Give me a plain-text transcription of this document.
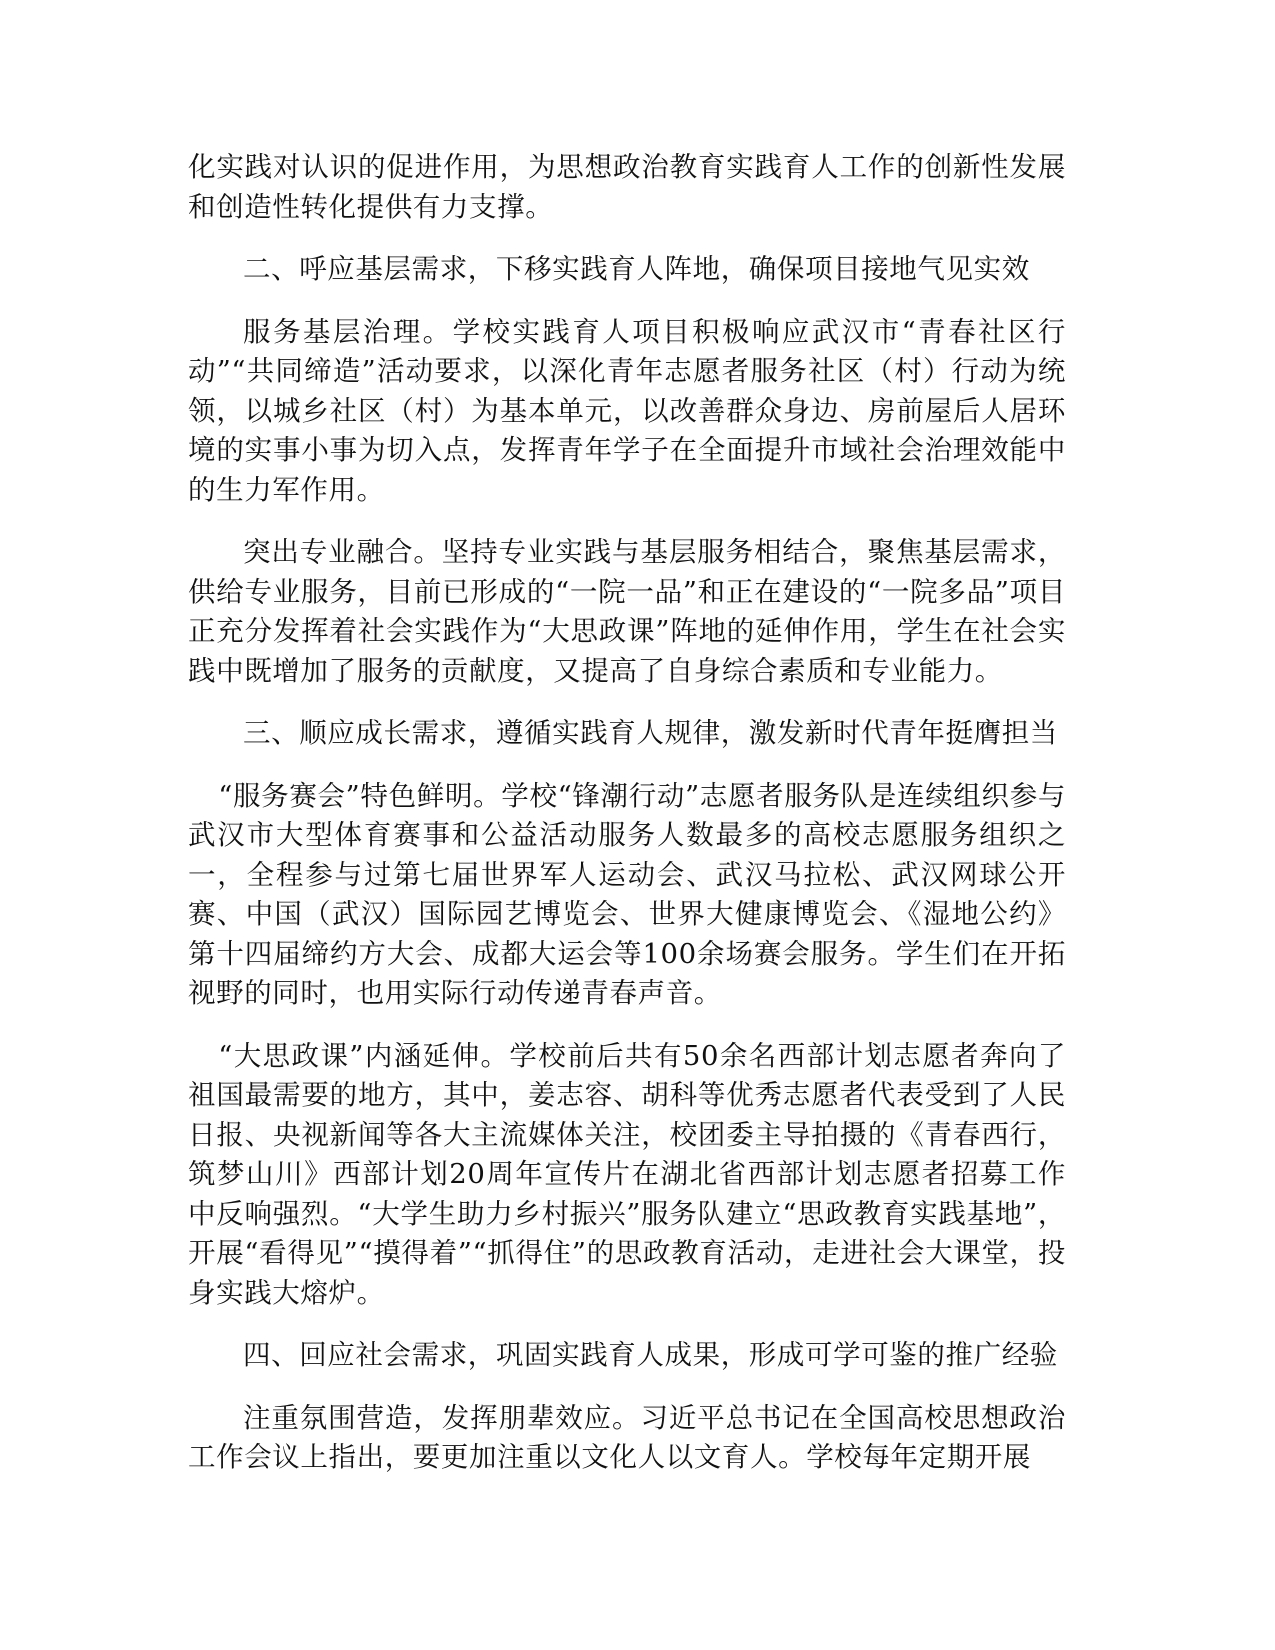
化实践对认识的促进作用，为思想政治教育实践育人工作的创新性发展和创造性转化提供有力支撑。

二、呼应基层需求，下移实践育人阵地，确保项目接地气见实效

服务基层治理。学校实践育人项目积极响应武汉市“青春社区行动”“共同缔造”活动要求，以深化青年志愿者服务社区（村）行动为统领，以城乡社区（村）为基本单元，以改善群众身边、房前屋后人居环境的实事小事为切入点，发挥青年学子在全面提升市域社会治理效能中的生力军作用。

突出专业融合。坚持专业实践与基层服务相结合，聚焦基层需求，供给专业服务，目前已形成的“一院一品”和正在建设的“一院多品”项目正充分发挥着社会实践作为“大思政课”阵地的延伸作用，学生在社会实践中既增加了服务的贡献度，又提高了自身综合素质和专业能力。

三、顺应成长需求，遵循实践育人规律，激发新时代青年挺膺担当

“服务赛会”特色鲜明。学校“锋潮行动”志愿者服务队是连续组织参与武汉市大型体育赛事和公益活动服务人数最多的高校志愿服务组织之一，全程参与过第七届世界军人运动会、武汉马拉松、武汉网球公开赛、中国（武汉）国际园艺博览会、世界大健康博览会、《湿地公约》第十四届缔约方大会、成都大运会等100余场赛会服务。学生们在开拓视野的同时，也用实际行动传递青春声音。

“大思政课”内涵延伸。学校前后共有50余名西部计划志愿者奔向了祖国最需要的地方，其中，姜志容、胡科等优秀志愿者代表受到了人民日报、央视新闻等各大主流媒体关注，校团委主导拍摄的《青春西行，筑梦山川》西部计划20周年宣传片在湖北省西部计划志愿者招募工作中反响强烈。“大学生助力乡村振兴”服务队建立“思政教育实践基地”，开展“看得见”“摸得着”“抓得住”的思政教育活动，走进社会大课堂，投身实践大熔炉。

四、回应社会需求，巩固实践育人成果，形成可学可鉴的推广经验

注重氛围营造，发挥朋辈效应。习近平总书记在全国高校思想政治工作会议上指出，要更加注重以文化人以文育人。学校每年定期开展
